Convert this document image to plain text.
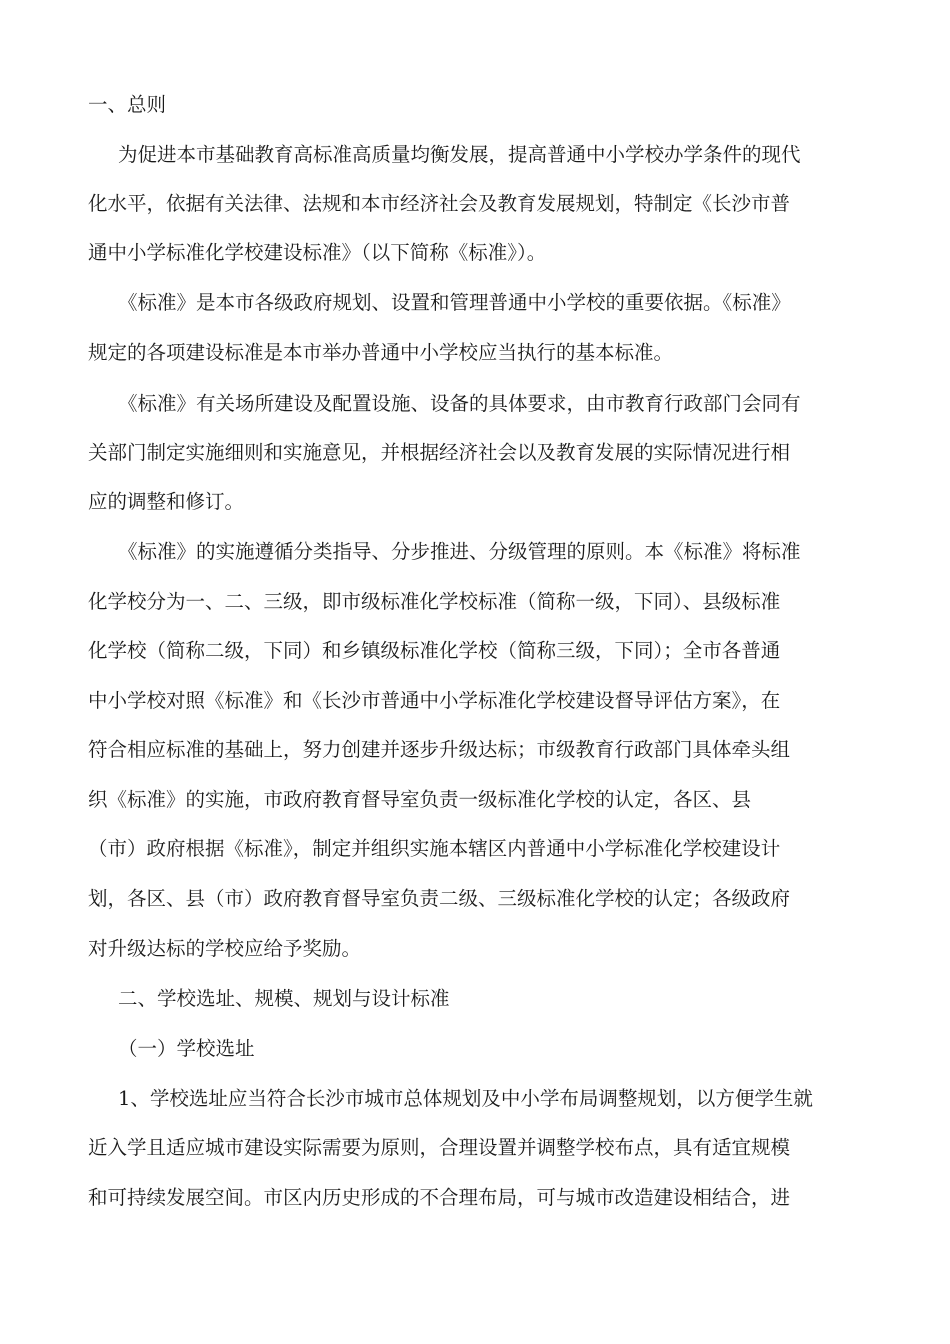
一、总则
为促进本市基础教育高标准高质量均衡发展，提高普通中小学校办学条件的现代
化水平，依据有关法律、法规和本市经济社会及教育发展规划，特制定《长沙市普
通中小学标准化学校建设标准》（以下简称《标准》）。
《标准》是本市各级政府规划、设置和管理普通中小学校的重要依据。《标准》
规定的各项建设标准是本市举办普通中小学校应当执行的基本标准。
《标准》有关场所建设及配置设施、设备的具体要求，由市教育行政部门会同有
关部门制定实施细则和实施意见，并根据经济社会以及教育发展的实际情况进行相
应的调整和修订。
《标准》的实施遵循分类指导、分步推进、分级管理的原则。本《标准》将标准
化学校分为一、二、三级，即市级标准化学校标准（简称一级，下同）、县级标准
化学校（简称二级，下同）和乡镇级标准化学校（简称三级，下同）；全市各普通
中小学校对照《标准》和《长沙市普通中小学标准化学校建设督导评估方案》，在
符合相应标准的基础上，努力创建并逐步升级达标；市级教育行政部门具体牵头组
织《标准》的实施，市政府教育督导室负责一级标准化学校的认定，各区、县
（市）政府根据《标准》，制定并组织实施本辖区内普通中小学标准化学校建设计
划，各区、县（市）政府教育督导室负责二级、三级标准化学校的认定；各级政府
对升级达标的学校应给予奖励。
二、学校选址、规模、规划与设计标准
（一）学校选址
1、学校选址应当符合长沙市城市总体规划及中小学布局调整规划，以方便学生就
近入学且适应城市建设实际需要为原则，合理设置并调整学校布点，具有适宜规模
和可持续发展空间。市区内历史形成的不合理布局，可与城市改造建设相结合，进
